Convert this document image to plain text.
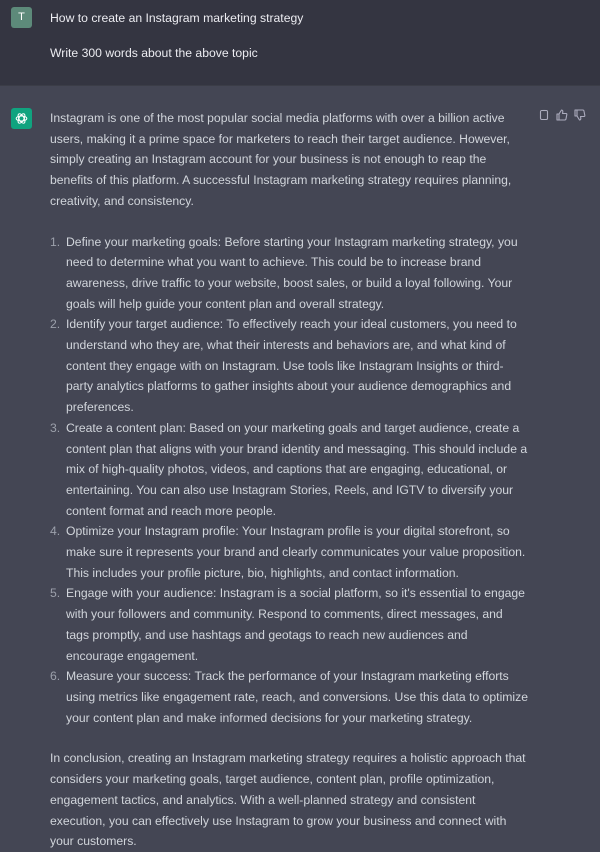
T	How to create an Instagram marketing strategy

Write 300 words about the above topic

Instagram is one of the most popular social media platforms with over a billion active users, making it a prime space for marketers to reach their target audience. However, simply creating an Instagram account for your business is not enough to reap the benefits of this platform. A successful Instagram marketing strategy requires planning, creativity, and consistency.

1. Define your marketing goals: Before starting your Instagram marketing strategy, you need to determine what you want to achieve. This could be to increase brand awareness, drive traffic to your website, boost sales, or build a loyal following. Your goals will help guide your content plan and overall strategy.
2. Identify your target audience: To effectively reach your ideal customers, you need to understand who they are, what their interests and behaviors are, and what kind of content they engage with on Instagram. Use tools like Instagram Insights or third-party analytics platforms to gather insights about your audience demographics and preferences.
3. Create a content plan: Based on your marketing goals and target audience, create a content plan that aligns with your brand identity and messaging. This should include a mix of high-quality photos, videos, and captions that are engaging, educational, or entertaining. You can also use Instagram Stories, Reels, and IGTV to diversify your content format and reach more people.
4. Optimize your Instagram profile: Your Instagram profile is your digital storefront, so make sure it represents your brand and clearly communicates your value proposition. This includes your profile picture, bio, highlights, and contact information.
5. Engage with your audience: Instagram is a social platform, so it's essential to engage with your followers and community. Respond to comments, direct messages, and tags promptly, and use hashtags and geotags to reach new audiences and encourage engagement.
6. Measure your success: Track the performance of your Instagram marketing efforts using metrics like engagement rate, reach, and conversions. Use this data to optimize your content plan and make informed decisions for your marketing strategy.

In conclusion, creating an Instagram marketing strategy requires a holistic approach that considers your marketing goals, target audience, content plan, profile optimization, engagement tactics, and analytics. With a well-planned strategy and consistent execution, you can effectively use Instagram to grow your business and connect with your customers.
